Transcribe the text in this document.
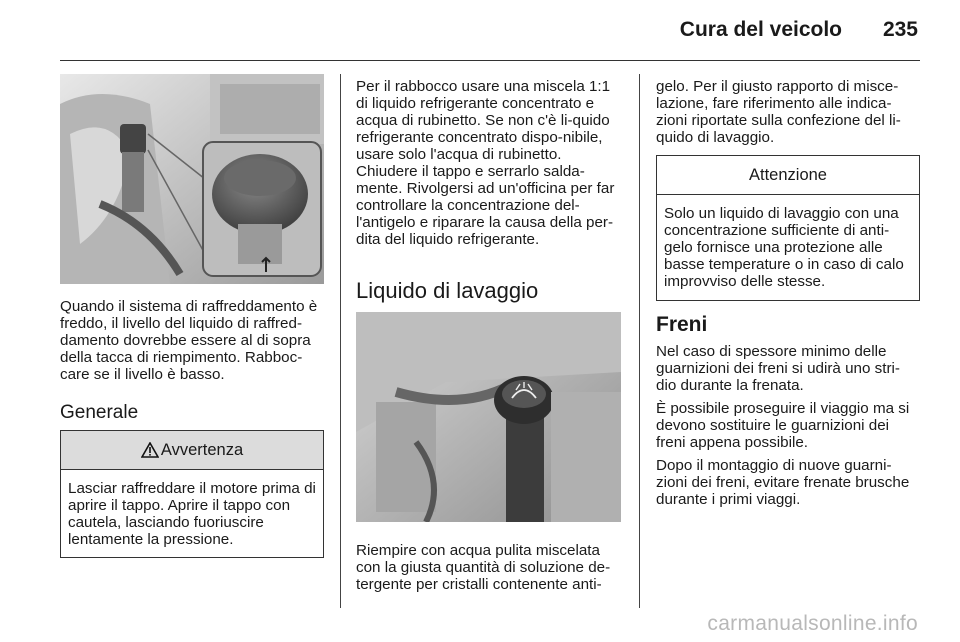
Cura del veicolo 235

Quando il sistema di raffreddamento è freddo, il livello del liquido di raffred-damento dovrebbe essere al di sopra della tacca di riempimento. Rabboc-care se il livello è basso.

Generale
Avvertenza
Lasciar raffreddare il motore prima di aprire il tappo. Aprire il tappo con cautela, lasciando fuoriuscire lentamente la pressione.

Per il rabbocco usare una miscela 1:1 di liquido refrigerante concentrato e acqua di rubinetto. Se non c'è li-quido refrigerante concentrato dispo-nibile, usare solo l'acqua di rubinetto. Chiudere il tappo e serrarlo salda-mente. Rivolgersi ad un'officina per far controllare la concentrazione del-l'antigelo e riparare la causa della per-dita del liquido refrigerante.

Liquido di lavaggio

Riempire con acqua pulita miscelata con la giusta quantità di soluzione de-tergente per cristalli contenente anti-

gelo. Per il giusto rapporto di misce-lazione, fare riferimento alle indica-zioni riportate sulla confezione del li-quido di lavaggio.

Attenzione
Solo un liquido di lavaggio con una concentrazione sufficiente di anti-gelo fornisce una protezione alle basse temperature o in caso di calo improvviso delle stesse.
Freni

Nel caso di spessore minimo delle guarnizioni dei freni si udirà uno stri-dio durante la frenata.

È possibile proseguire il viaggio ma si devono sostituire le guarnizioni dei freni appena possibile.

Dopo il montaggio di nuove guarni-zioni dei freni, evitare frenate brusche durante i primi viaggi.

carmanualsonline.info
